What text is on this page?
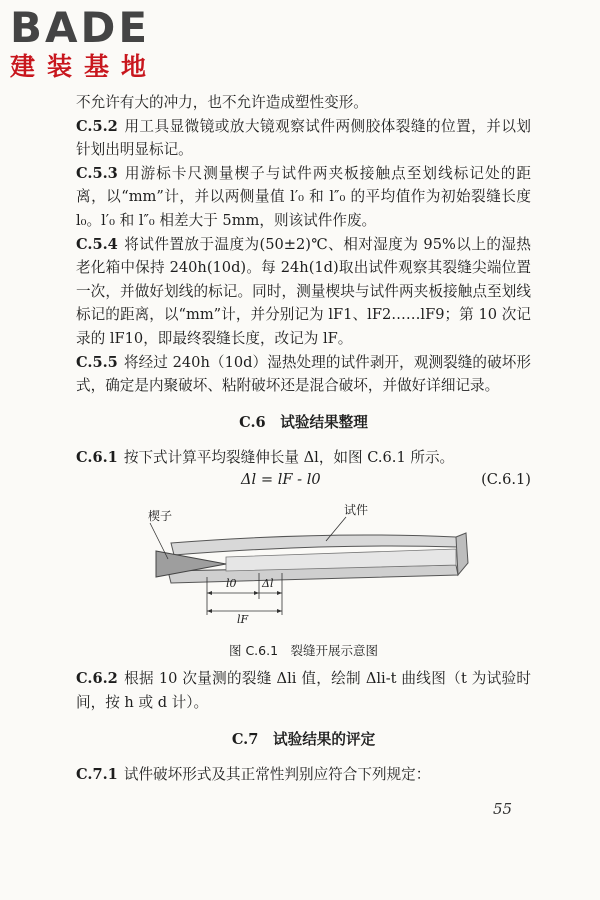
BADE
建装基地

不允许有大的冲力，也不允许造成塑性变形。

C.5.2 用工具显微镜或放大镜观察试件两侧胶体裂缝的位置，并以划针划出明显标记。

C.5.3 用游标卡尺测量楔子与试件两夹板接触点至划线标记处的距离，以“mm”计，并以两侧量值 l′₀ 和 l″₀ 的平均值作为初始裂缝长度 l₀。l′₀ 和 l″₀ 相差大于 5mm，则该试件作废。

C.5.4 将试件置放于温度为(50±2)℃、相对湿度为 95%以上的湿热老化箱中保持 240h(10d)。每 24h(1d)取出试件观察其裂缝尖端位置一次，并做好划线的标记。同时，测量楔块与试件两夹板接触点至划线标记的距离，以“mm”计，并分别记为 lF1、lF2……lF9；第 10 次记录的 lF10，即最终裂缝长度，改记为 lF。

C.5.5 将经过 240h（10d）湿热处理的试件剥开，观测裂缝的破坏形式，确定是内聚破坏、粘附破坏还是混合破坏，并做好详细记录。

C.6　试验结果整理

C.6.1 按下式计算平均裂缝伸长量 Δl，如图 C.6.1 所示。

Δl = lF - l0	(C.6.1)
楔子	试件
l0 Δl
lF
图 C.6.1　裂缝开展示意图

C.6.2 根据 10 次量测的裂缝 Δli 值，绘制 Δli-t 曲线图（t 为试验时间，按 h 或 d 计）。

C.7　试验结果的评定

C.7.1 试件破坏形式及其正常性判别应符合下列规定：

55
